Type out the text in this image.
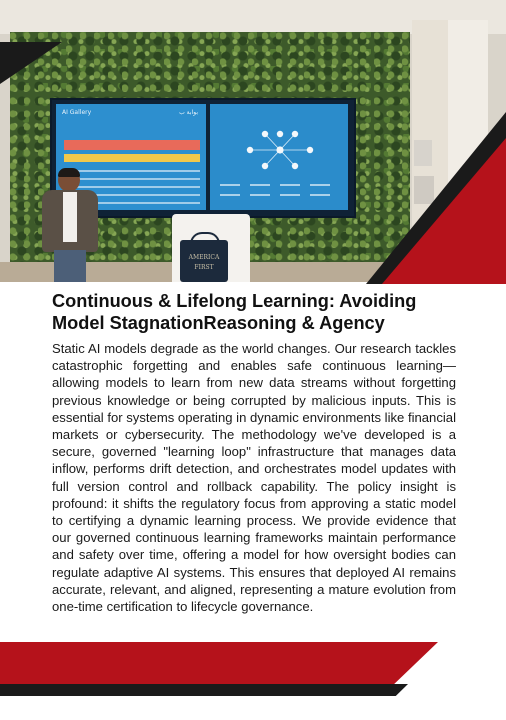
AI Gallery	بوابة ب
AMERICA
FIRST
Continuous & Lifelong Learning: Avoiding
Model StagnationReasoning & Agency

Static AI models degrade as the world changes. Our research tackles catastrophic forgetting and enables safe continuous learning—allowing models to learn from new data streams without forgetting previous knowledge or being corrupted by malicious inputs. This is essential for systems operating in dynamic environments like financial markets or cybersecurity. The methodology we've developed is a secure, governed "learning loop" infrastructure that manages data inflow, performs drift detection, and orchestrates model updates with full version control and rollback capability. The policy insight is profound: it shifts the regulatory focus from approving a static model to certifying a dynamic learning process. We provide evidence that our governed continuous learning frameworks maintain performance and safety over time, offering a model for how oversight bodies can regulate adaptive AI systems. This ensures that deployed AI remains accurate, relevant, and aligned, representing a mature evolution from one-time certification to lifecycle governance.
